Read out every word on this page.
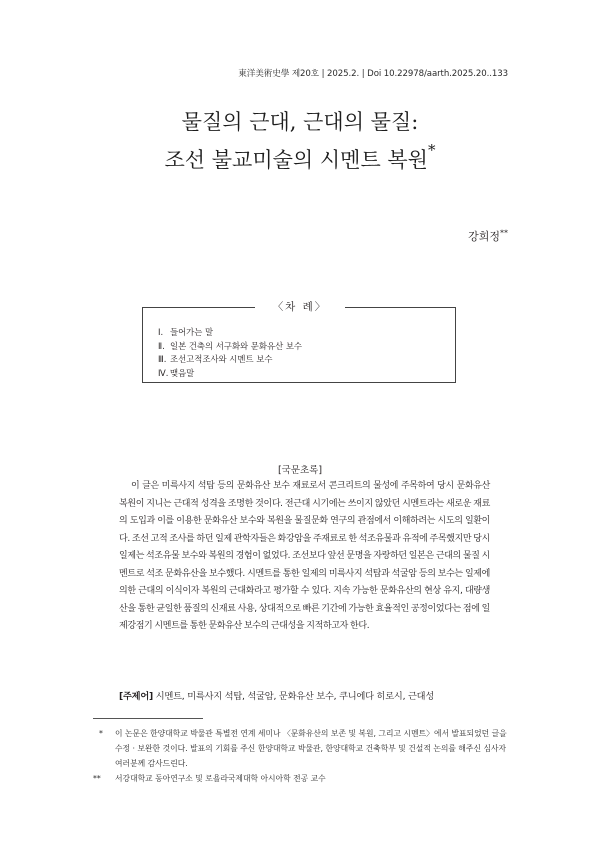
東洋美術史學 제20호 | 2025.2. | Doi 10.22978/aarth.2025.20..133
물질의 근대, 근대의 물질:
조선 불교미술의 시멘트 복원*
강희정**
〈차 례〉
Ⅰ. 들어가는 말
Ⅱ. 일본 건축의 서구화와 문화유산 보수
Ⅲ. 조선고적조사와 시멘트 보수
Ⅳ. 맺음말
[국문초록]
이 글은 미륵사지 석탑 등의 문화유산 보수 재료로서 콘크리트의 물성에 주목하여 당시 문화유산 복원이 지니는 근대적 성격을 조명한 것이다. 전근대 시기에는 쓰이지 않았던 시멘트라는 새로운 재료의 도입과 이를 이용한 문화유산 보수와 복원을 물질문화 연구의 관점에서 이해하려는 시도의 일환이다. 조선 고적 조사를 하던 일제 관학자들은 화강암을 주재료로 한 석조유물과 유적에 주목했지만 당시 일제는 석조유물 보수와 복원의 경험이 없었다. 조선보다 앞선 문명을 자랑하던 일본은 근대의 물질 시멘트로 석조 문화유산을 보수했다. 시멘트를 통한 일제의 미륵사지 석탑과 석굴암 등의 보수는 일제에 의한 근대의 이식이자 복원의 근대화라고 평가할 수 있다. 지속 가능한 문화유산의 현상 유지, 대량생산을 통한 균일한 품질의 신재료 사용, 상대적으로 빠른 기간에 가능한 효율적인 공정이었다는 점에 일제강점기 시멘트를 통한 문화유산 보수의 근대성을 지적하고자 한다.
[주제어] 시멘트, 미륵사지 석탑, 석굴암, 문화유산 보수, 쿠니에다 히로시, 근대성
* 이 논문은 한양대학교 박물관 특별전 연계 세미나 〈문화유산의 보존 및 복원, 그리고 시멘트〉에서 발표되었던 글을 수정 · 보완한 것이다. 발표의 기회를 주신 한양대학교 박물관, 한양대학교 건축학부 및 건설적 논의를 해주신 심사자 여러분께 감사드린다.
** 서강대학교 동아연구소 및 로욜라국제대학 아시아학 전공 교수
